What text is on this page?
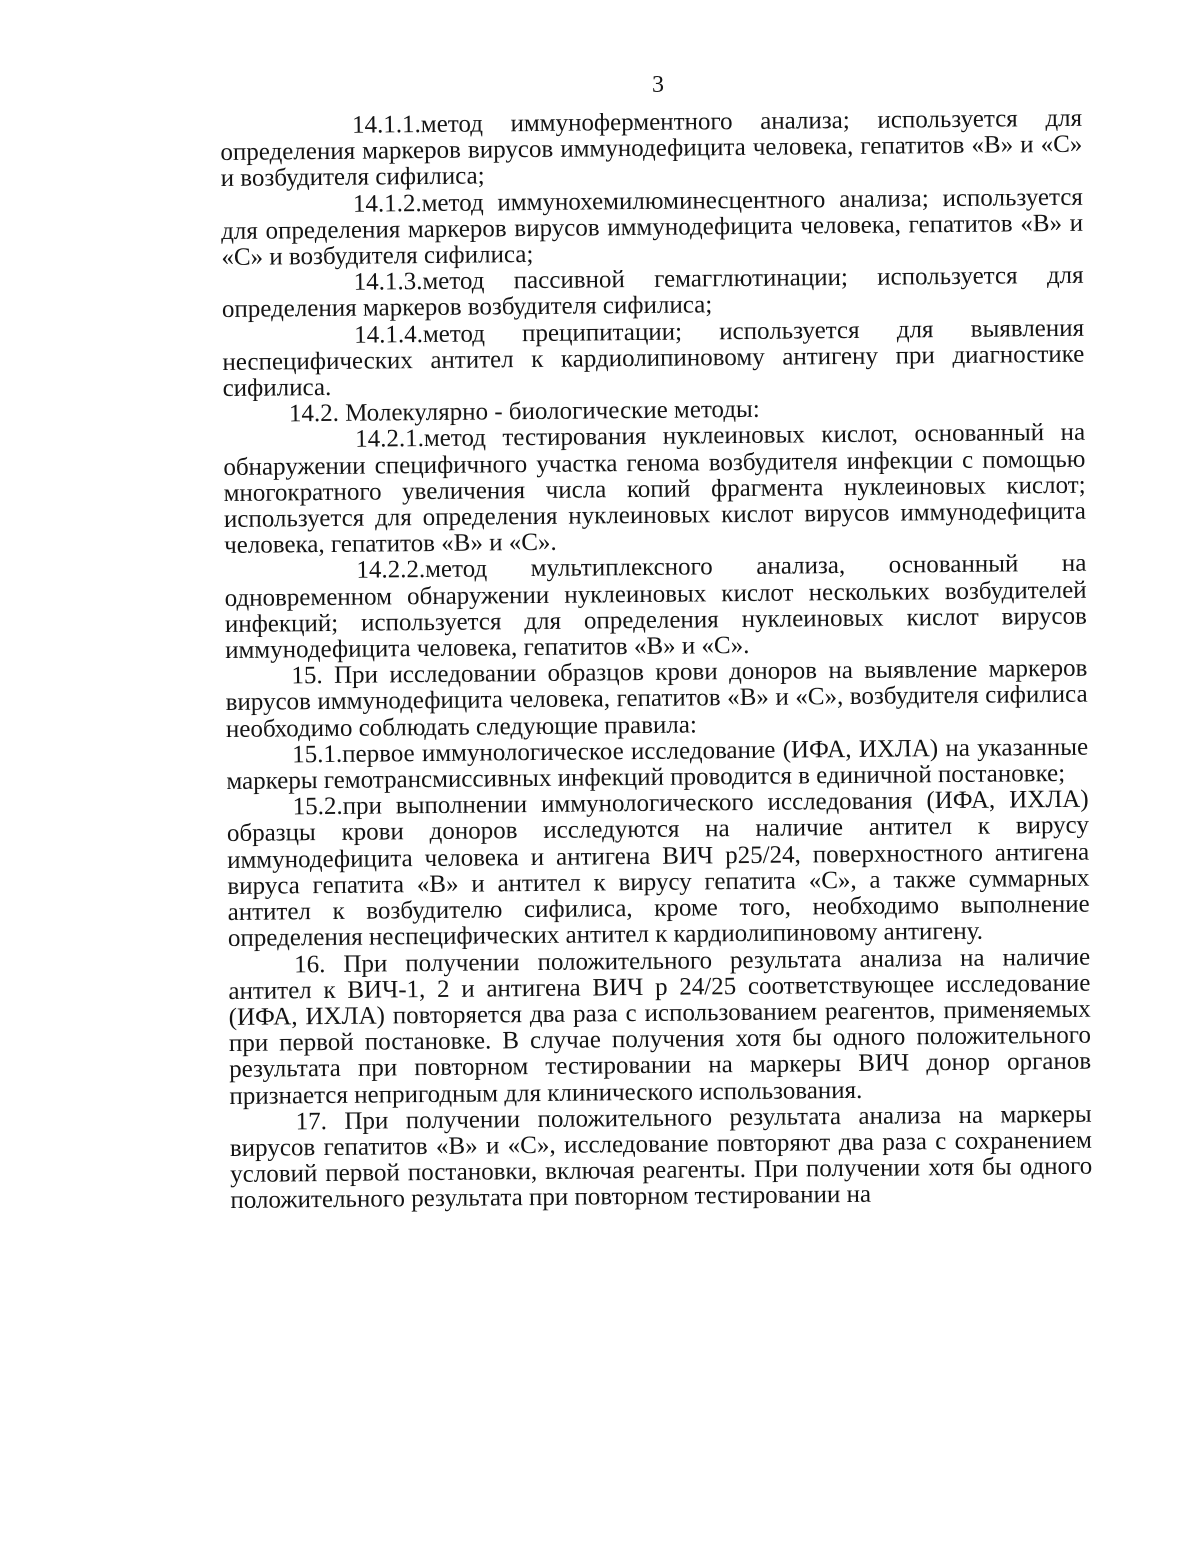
3

14.1.1.метод иммуноферментного анализа; используется для определения маркеров вирусов иммунодефицита человека, гепатитов «В» и «С» и возбудителя сифилиса;

14.1.2.метод иммунохемилюминесцентного анализа; используется для определения маркеров вирусов иммунодефицита человека, гепатитов «В» и «С» и возбудителя сифилиса;

14.1.3.метод пассивной гемагглютинации; используется для определения маркеров возбудителя сифилиса;

14.1.4.метод преципитации; используется для выявления неспецифических антител к кардиолипиновому антигену при диагностике сифилиса.

14.2. Молекулярно - биологические методы:

14.2.1.метод тестирования нуклеиновых кислот, основанный на обнаружении специфичного участка генома возбудителя инфекции с помощью многократного увеличения числа копий фрагмента нуклеиновых кислот; используется для определения нуклеиновых кислот вирусов иммунодефицита человека, гепатитов «В» и «С».

14.2.2.метод мультиплексного анализа, основанный на одновременном обнаружении нуклеиновых кислот нескольких возбудителей инфекций; используется для определения нуклеиновых кислот вирусов иммунодефицита человека, гепатитов «В» и «С».

15. При исследовании образцов крови доноров на выявление маркеров вирусов иммунодефицита человека, гепатитов «В» и «С», возбудителя сифилиса необходимо соблюдать следующие правила:

15.1.первое иммунологическое исследование (ИФА, ИХЛА) на указанные маркеры гемотрансмиссивных инфекций проводится в единичной постановке;

15.2.при выполнении иммунологического исследования (ИФА, ИХЛА) образцы крови доноров исследуются на наличие антител к вирусу иммунодефицита человека и антигена ВИЧ р25/24, поверхностного антигена вируса гепатита «В» и антител к вирусу гепатита «С», а также суммарных антител к возбудителю сифилиса, кроме того, необходимо выполнение определения неспецифических антител к кардиолипиновому антигену.

16. При получении положительного результата анализа на наличие антител к ВИЧ-1, 2 и антигена ВИЧ р 24/25 соответствующее исследование (ИФА, ИХЛА) повторяется два раза с использованием реагентов, применяемых при первой постановке. В случае получения хотя бы одного положительного результата при повторном тестировании на маркеры ВИЧ донор органов признается непригодным для клинического использования.

17. При получении положительного результата анализа на маркеры вирусов гепатитов «В» и «С», исследование повторяют два раза с сохранением условий первой постановки, включая реагенты. При получении хотя бы одного положительного результата при повторном тестировании на
